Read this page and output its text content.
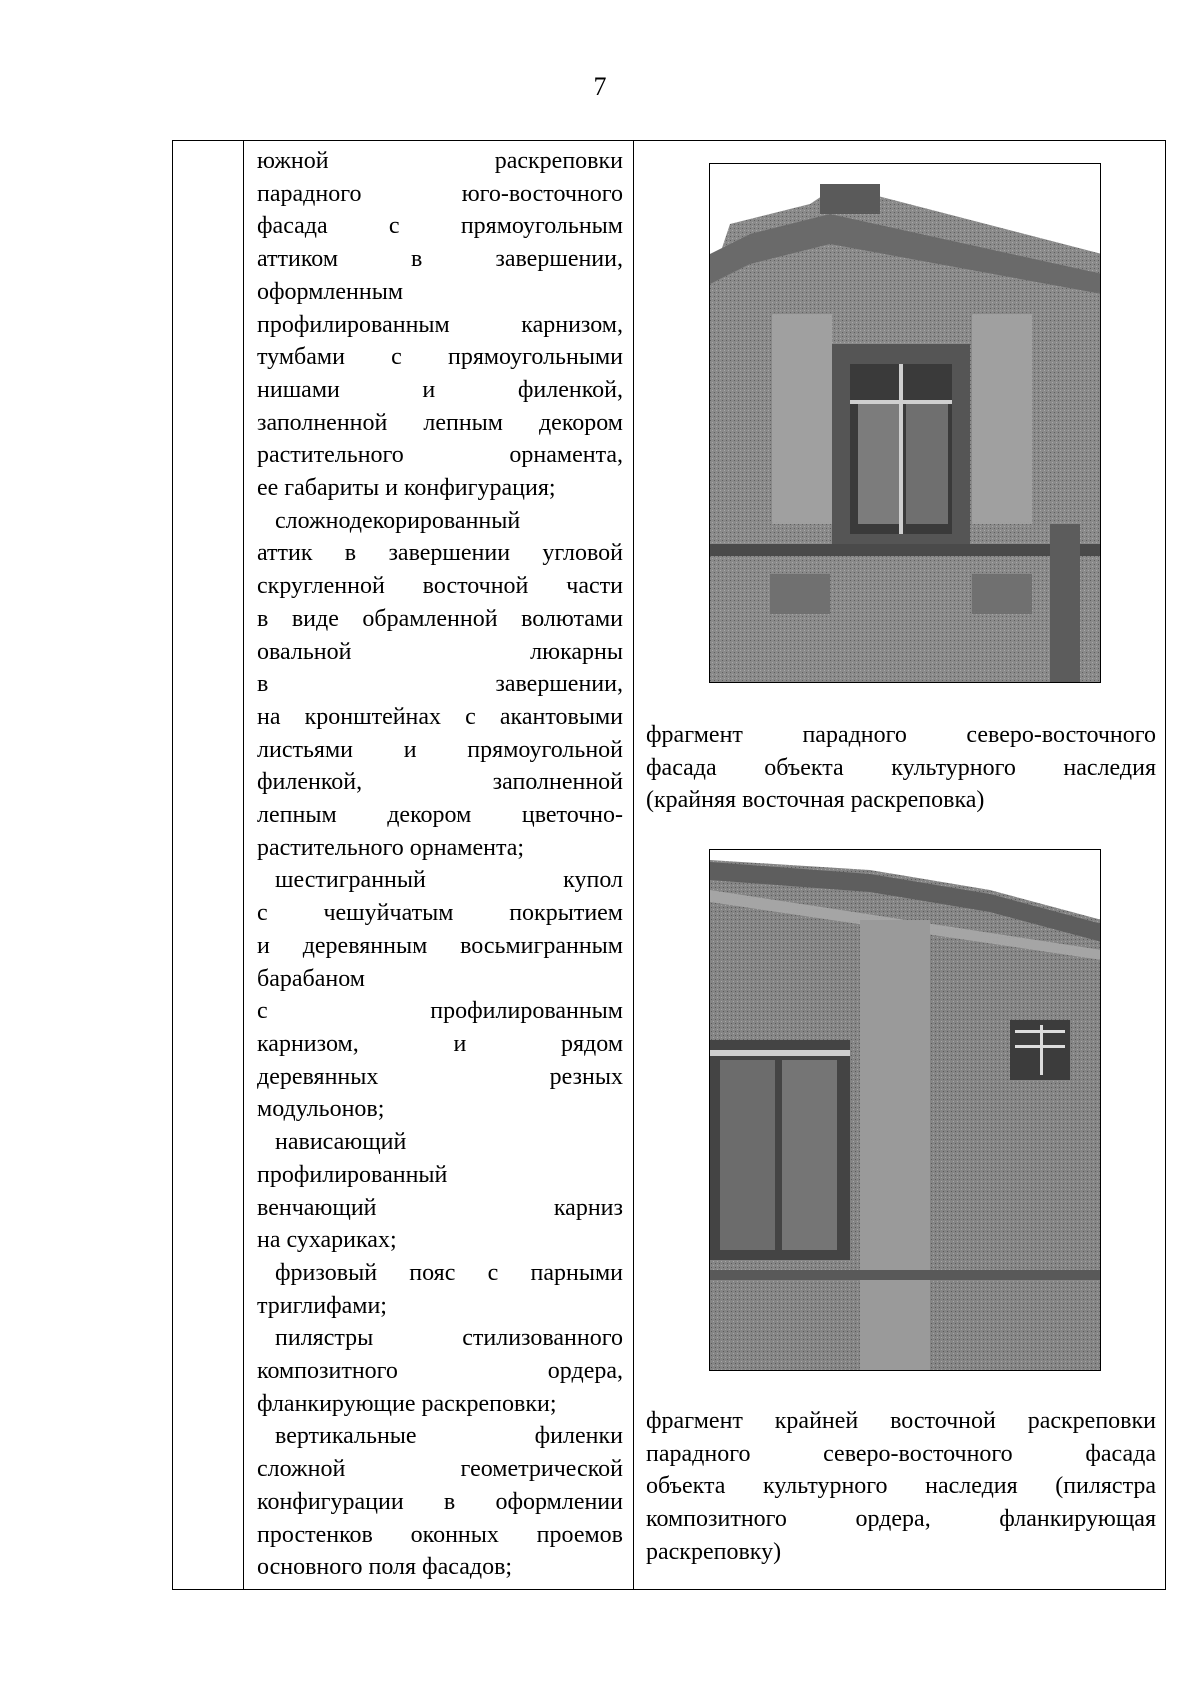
7

южной раскреповки

парадного юго-восточного

фасада с прямоугольным

аттиком в завершении,

оформленным

профилированным карнизом,

тумбами с прямоугольными

нишами и филенкой,

заполненной лепным декором

растительного орнамента,

ее габариты и конфигурация;

сложнодекорированный

аттик в завершении угловой

скругленной восточной части

в виде обрамленной волютами

овальной люкарны

в завершении,

на кронштейнах с акантовыми

листьями и прямоугольной

филенкой, заполненной

лепным декором цветочно-

растительного орнамента;

шестигранный купол

с чешуйчатым покрытием

и деревянным восьмигранным

барабаном

с профилированным

карнизом, и рядом

деревянных резных

модульонов;

нависающий

профилированный

венчающий карниз

на сухариках;

фризовый пояс с парными

триглифами;

пилястры стилизованного

композитного ордера,

фланкирующие раскреповки;

вертикальные филенки

сложной геометрической

конфигурации в оформлении

простенков оконных проемов

основного поля фасадов;

фрагмент парадного северо-восточного

фасада объекта культурного наследия

(крайняя восточная раскреповка)

фрагмент крайней восточной раскреповки

парадного северо-восточного фасада

объекта культурного наследия (пилястра

композитного ордера, фланкирующая

раскреповку)
